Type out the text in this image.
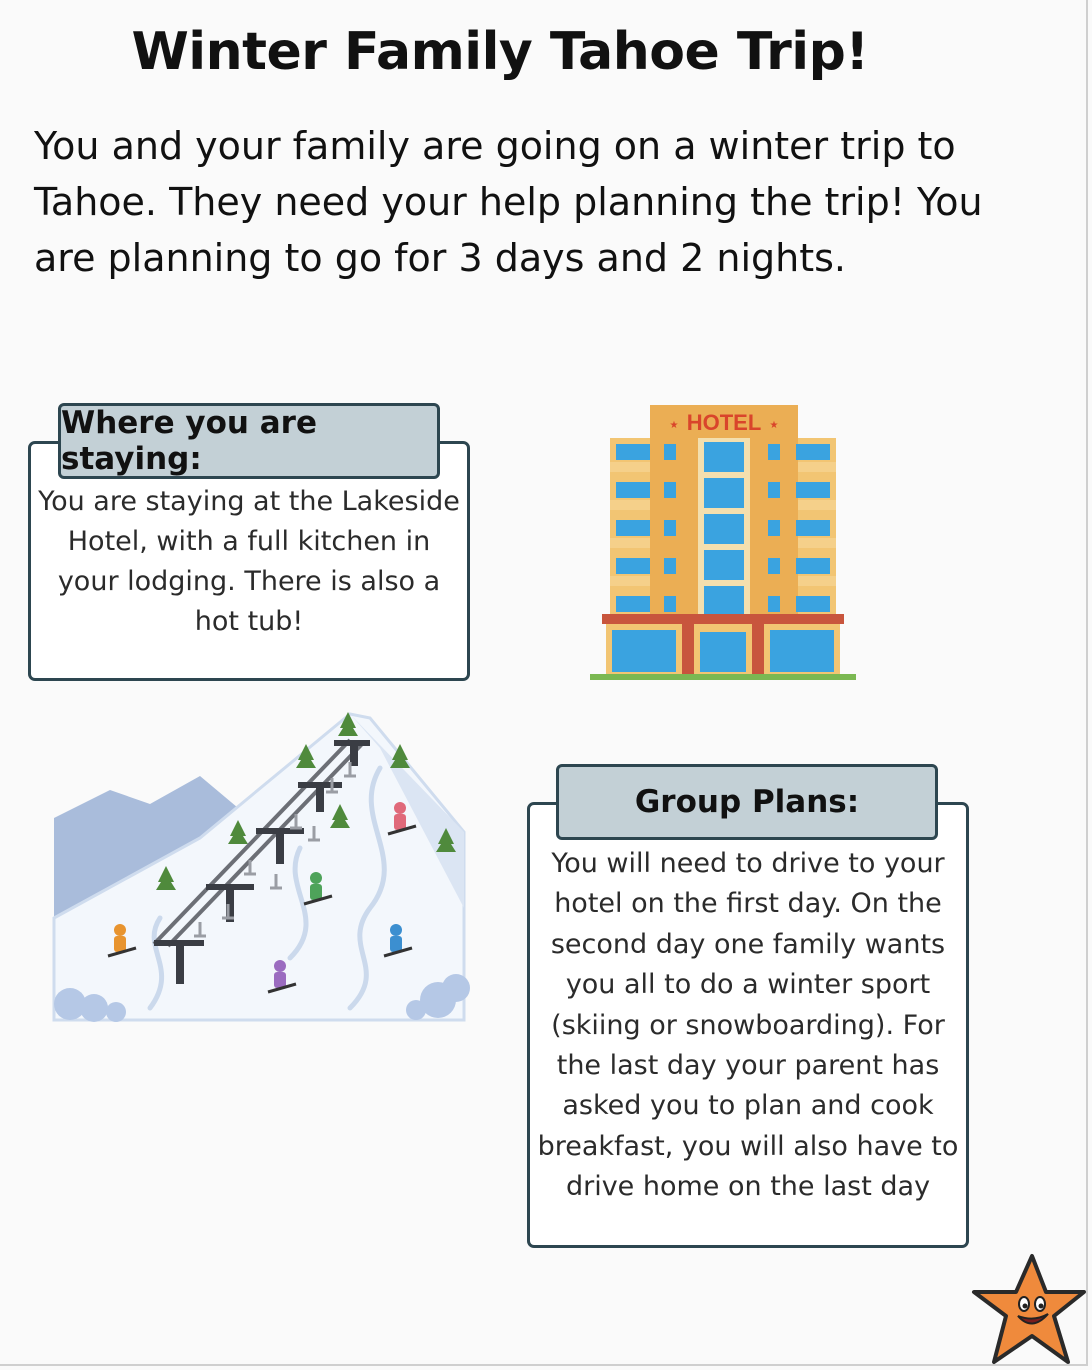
Winter Family Tahoe Trip!

You and your family are going on a winter trip to Tahoe. They need your help planning the trip! You are planning to go for 3 days and 2 nights.

Where you are staying:
You are staying at the Lakeside Hotel, with a full kitchen in your lodging. There is also a hot tub!
HOTEL
★	★
Group Plans:
You will need to drive to your hotel on the first day. On the second day one family wants you all to do a winter sport (skiing or snowboarding). For the last day your parent has asked you to plan and cook breakfast, you will also have to drive home on the last day
